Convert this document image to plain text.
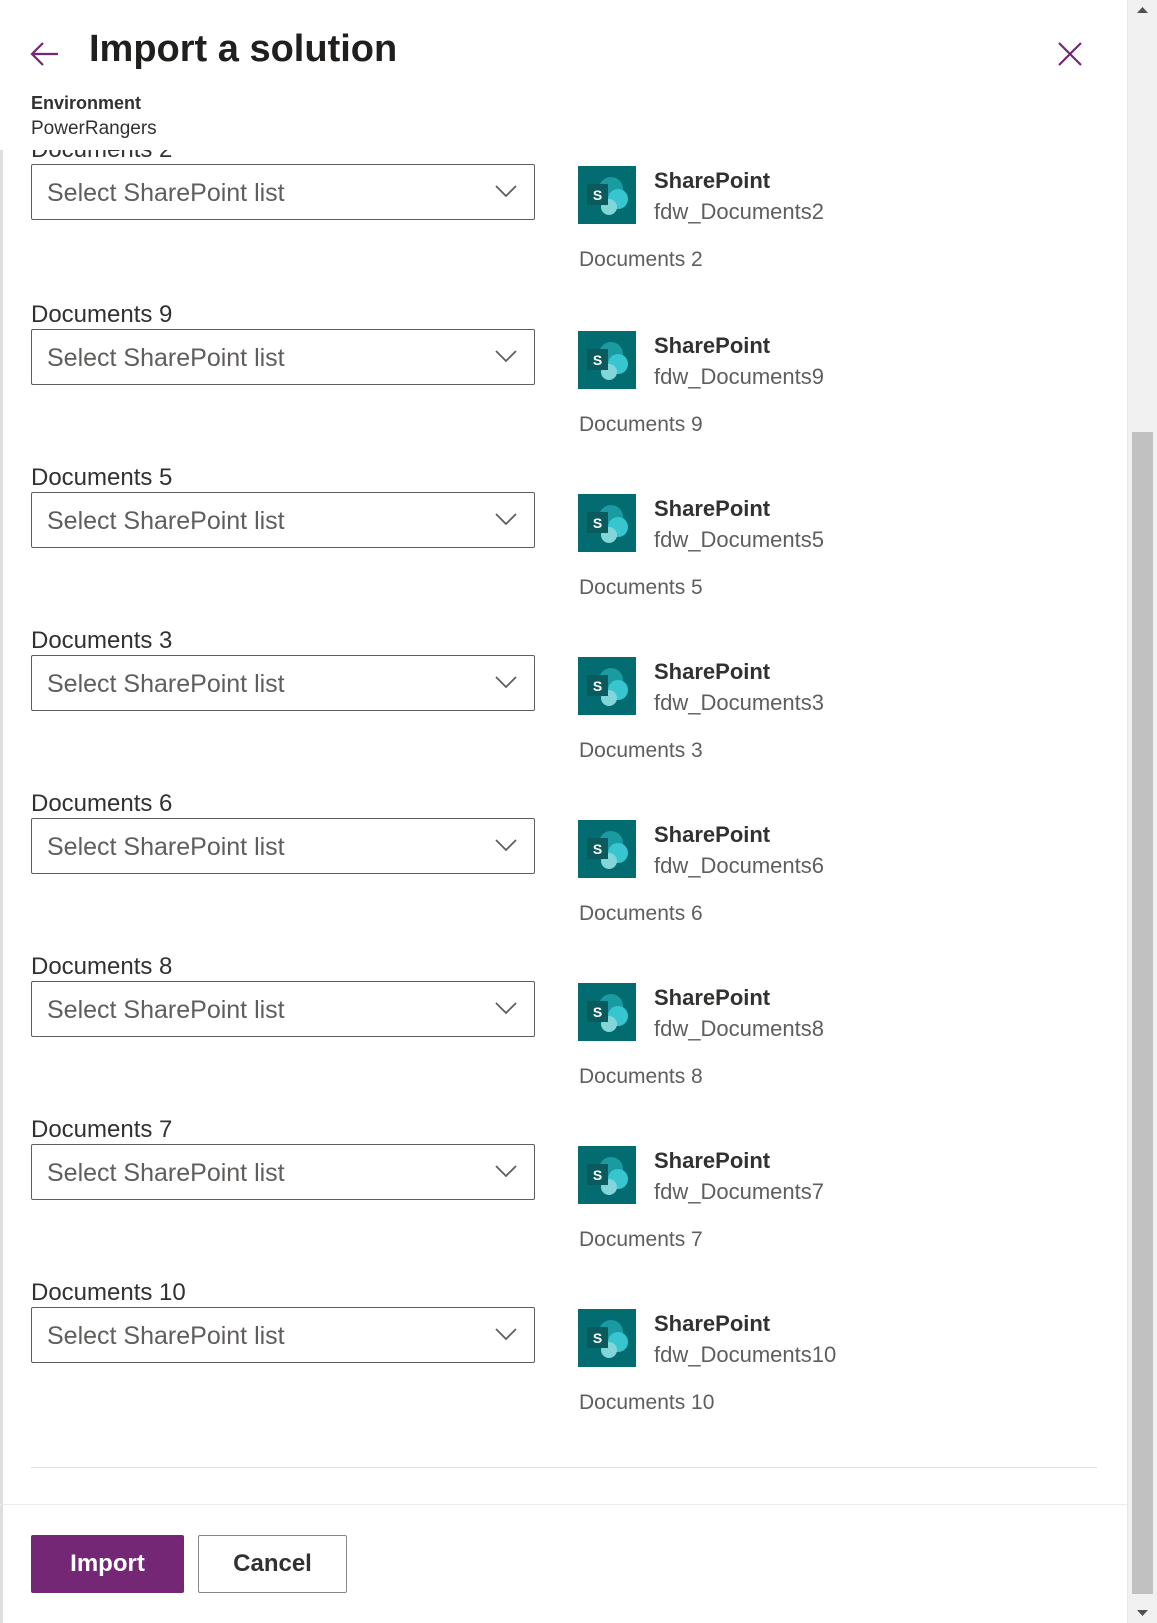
Import a solution
Environment
PowerRangers
Select SharePoint list	S
SharePoint
fdw_Documents2
Documents 2
Documents 9
Select SharePoint list	S
SharePoint
fdw_Documents9
Documents 9
Documents 5
Select SharePoint list	S
SharePoint
fdw_Documents5
Documents 5
Documents 3
Select SharePoint list	S
SharePoint
fdw_Documents3
Documents 3
Documents 6
Select SharePoint list	S
SharePoint
fdw_Documents6
Documents 6
Documents 8
Select SharePoint list	S
SharePoint
fdw_Documents8
Documents 8
Documents 7
Select SharePoint list	S
SharePoint
fdw_Documents7
Documents 7
Documents 10
Select SharePoint list	S
SharePoint
fdw_Documents10
Documents 10
Import	Cancel
